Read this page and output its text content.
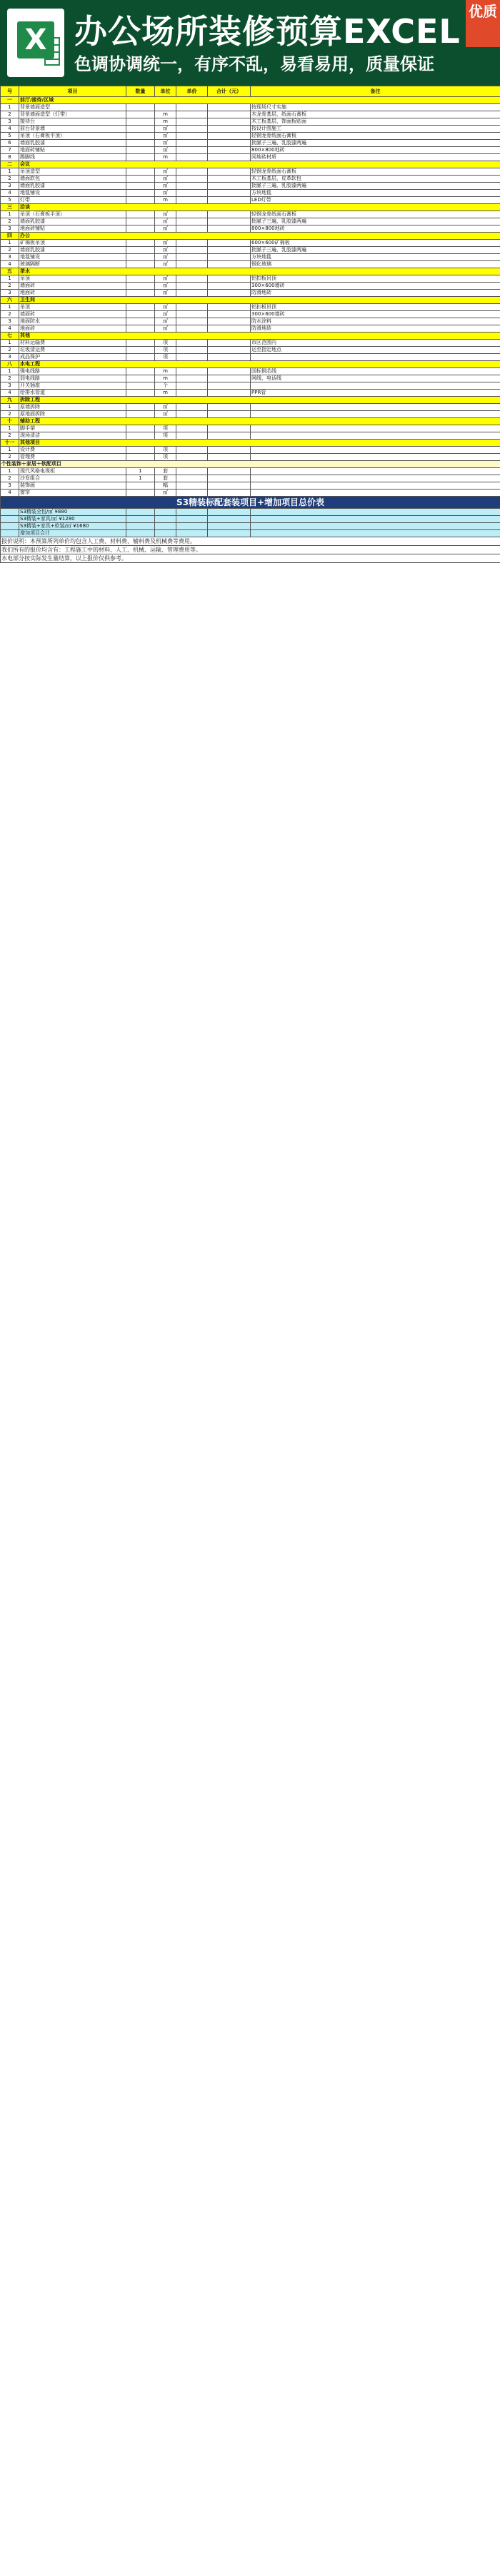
X 办公场所装修预算EXCEL
色调协调统一，有序不乱，易看易用，质量保证
优质
号	项目	数量	单位	单价	合计（元）	备注
一	前厅/接待/区域					
1	背景墙面造型					按现场尺寸实施
2	背景墙面造型（灯带）		m			木龙骨基层，纸面石膏板
3	接待台		m			木工板基层，饰面板贴面
4	前台背景墙		㎡			按设计图施工
5	吊顶（石膏板平顶）		㎡			轻钢龙骨纸面石膏板
6	墙面乳胶漆		㎡			批腻子三遍，乳胶漆两遍
7	地面砖铺贴		㎡			800×800地砖
8	踢脚线		m			同地砖材质
二	会议					
1	吊顶造型		㎡			轻钢龙骨纸面石膏板
2	墙面软包		㎡			木工板基层，皮革软包
3	墙面乳胶漆		㎡			批腻子三遍，乳胶漆两遍
4	地毯铺设		㎡			方块地毯
5	灯带		m			LED灯带
三	洽谈					
1	吊顶（石膏板平顶）		㎡			轻钢龙骨纸面石膏板
2	墙面乳胶漆		㎡			批腻子三遍，乳胶漆两遍
3	地面砖铺贴		㎡			800×800地砖
四	办公					
1	矿棉板吊顶		㎡			600×600矿棉板
2	墙面乳胶漆		㎡			批腻子三遍，乳胶漆两遍
3	地毯铺设		㎡			方块地毯
4	玻璃隔断		㎡			钢化玻璃
五	茶水					
1	吊顶		㎡			铝扣板吊顶
2	墙面砖		㎡			300×600墙砖
3	地面砖		㎡			防滑地砖
六	卫生间					
1	吊顶		㎡			铝扣板吊顶
2	墙面砖		㎡			300×600墙砖
3	地面防水		㎡			防水涂料
4	地面砖		㎡			防滑地砖
七	其他					
1	材料运输费		项			市区范围内
2	垃圾清运费		项			运至指定地点
3	成品保护		项			
八	水电工程					
1	强电线路		m			国标铜芯线
2	弱电线路		m			网线、电话线
3	开关插座		个			
4	给排水管道		m			PPR管
九	拆除工程					
1	原墙拆除		㎡			
2	原地面拆除		㎡			
十	辅助工程					
1	脚手架		项			
2	现场清洁		项			
十一	其他项目					
1	设计费		项			
2	管理费		项			
个性装饰＋家居＋软配项目						
1	现代风格电视柜	1	套			
2	沙发组合	1	套			
3	装饰画		幅			
4	窗帘		㎡			
S3精装标配套装项目+增加项目总价表						
	S3精装全包/㎡ ¥880					
	S3精装+家具/㎡ ¥1280					
	S3精装+家具+软装/㎡ ¥1680					
	增加项目合计					
报价说明：本预算所列单价均包含人工费、材料费、辅料费及机械费等费用。						
我们所有的报价均含有：工程施工中的材料、人工、机械、运输、管理费用等。						
水电部分按实际发生量结算，以上报价仅供参考。						
